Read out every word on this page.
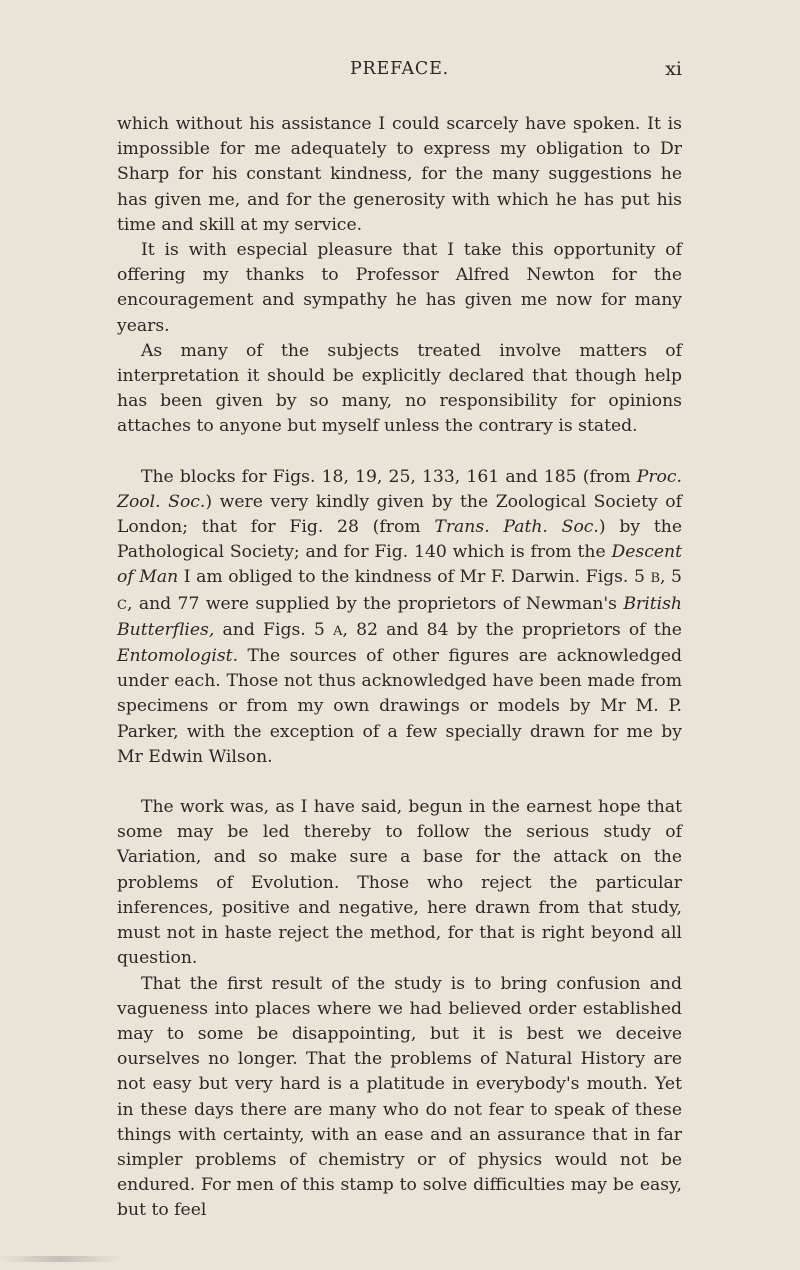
PREFACE.	xi

which without his assistance I could scarcely have spoken. It is impossible for me adequately to express my obligation to Dr Sharp for his constant kindness, for the many suggestions he has given me, and for the generosity with which he has put his time and skill at my service.

It is with especial pleasure that I take this opportunity of offering my thanks to Professor Alfred Newton for the encouragement and sympathy he has given me now for many years.

As many of the subjects treated involve matters of interpretation it should be explicitly declared that though help has been given by so many, no responsibility for opinions attaches to anyone but myself unless the contrary is stated.

The blocks for Figs. 18, 19, 25, 133, 161 and 185 (from Proc. Zool. Soc.) were very kindly given by the Zoological Society of London; that for Fig. 28 (from Trans. Path. Soc.) by the Pathological Society; and for Fig. 140 which is from the Descent of Man I am obliged to the kindness of Mr F. Darwin. Figs. 5 B, 5 C, and 77 were supplied by the proprietors of Newman's British Butterflies, and Figs. 5 A, 82 and 84 by the proprietors of the Entomologist. The sources of other figures are acknowledged under each. Those not thus acknowledged have been made from specimens or from my own drawings or models by Mr M. P. Parker, with the exception of a few specially drawn for me by Mr Edwin Wilson.

The work was, as I have said, begun in the earnest hope that some may be led thereby to follow the serious study of Variation, and so make sure a base for the attack on the problems of Evolution. Those who reject the particular inferences, positive and negative, here drawn from that study, must not in haste reject the method, for that is right beyond all question.

That the first result of the study is to bring confusion and vagueness into places where we had believed order established may to some be disappointing, but it is best we deceive ourselves no longer. That the problems of Natural History are not easy but very hard is a platitude in everybody's mouth. Yet in these days there are many who do not fear to speak of these things with certainty, with an ease and an assurance that in far simpler problems of chemistry or of physics would not be endured. For men of this stamp to solve difficulties may be easy, but to feel
